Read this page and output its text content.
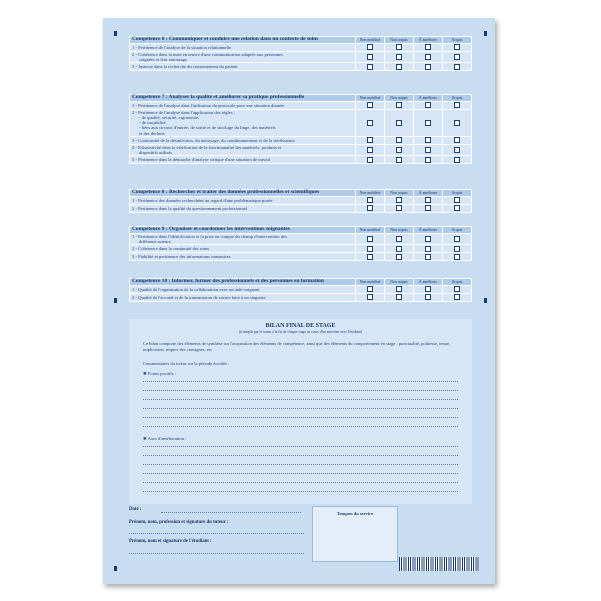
Compétence 6 : Communiquer et conduire une relation dans un contexte de soins	Non mobilisé	Non acquis	À améliorer	Acquis
1 - Pertinence de l'analyse de la situation relationnelle				
2 - Cohérence dans la mise en œuvre d'une communication adaptée aux personnes

soignées et leur entourage				

3 - Justesse dans la recherche du consentement du patient				
Compétence 7 : Analyser la qualité et améliorer sa pratique professionnelle	Non mobilisé	Non acquis	À améliorer	Acquis
1 - Pertinence de l'analyse dans l'utilisation du protocole pour une situation donnée				
2 - Pertinence de l'analyse dans l'application des règles :

- de qualité, sécurité, ergonomie,
- de traçabilité,
- liées aux circuits d'entrée, de sortie et de stockage du linge, des matériels
et des déchets				

3 - Conformité de la désinfection, du nettoyage, du conditionnement et de la stérilisation				
4 - Exhaustivité dans la vérification de la fonctionnalité des matériels, produits et

dispositifs utilisés				

5 - Pertinence dans la démarche d'analyse critique d'une situation de travail				
Compétence 8 : Rechercher et traiter des données professionnelles et scientifiques	Non mobilisé	Non acquis	À améliorer	Acquis
1 - Pertinence des données recherchées au regard d'une problématique posée				
2 - Pertinence dans la qualité du questionnement professionnel				
Compétence 9 : Organiser et coordonner les interventions soignantes	Non mobilisé	Non acquis	À améliorer	Acquis
1 - Pertinence dans l'identification et la prise en compte du champ d'intervention des

différents acteurs				

2 - Cohérence dans la continuité des soins				
3 - Fiabilité et pertinence des informations transmises				
Compétence 10 : Informer, former des professionnels et des personnes en formation	Non mobilisé	Non acquis	À améliorer	Acquis
1 - Qualité de l'organisation de la collaboration avec un aide-soignant				
2 - Qualité de l'accueil et de la transmission de savoir-faire à un stagiaire				
BILAN FINAL DE STAGE
(à remplir par le tuteur à la fin de chaque stage au cours d'un entretien avec l'étudiant)
Ce bilan comporte des éléments de synthèse sur l'acquisition des éléments de compétence, ainsi que des éléments du comportement en stage : ponctualité, politesse, tenue, implication, respect des consignes, etc …
Commentaires du tuteur sur la période écoulée :
✱ Points positifs :
✱ Axes d'amélioration :
Date :
Prénom, nom, profession et signature du tuteur :
Prénom, nom et signature de l'étudiant :
Tampon du service
